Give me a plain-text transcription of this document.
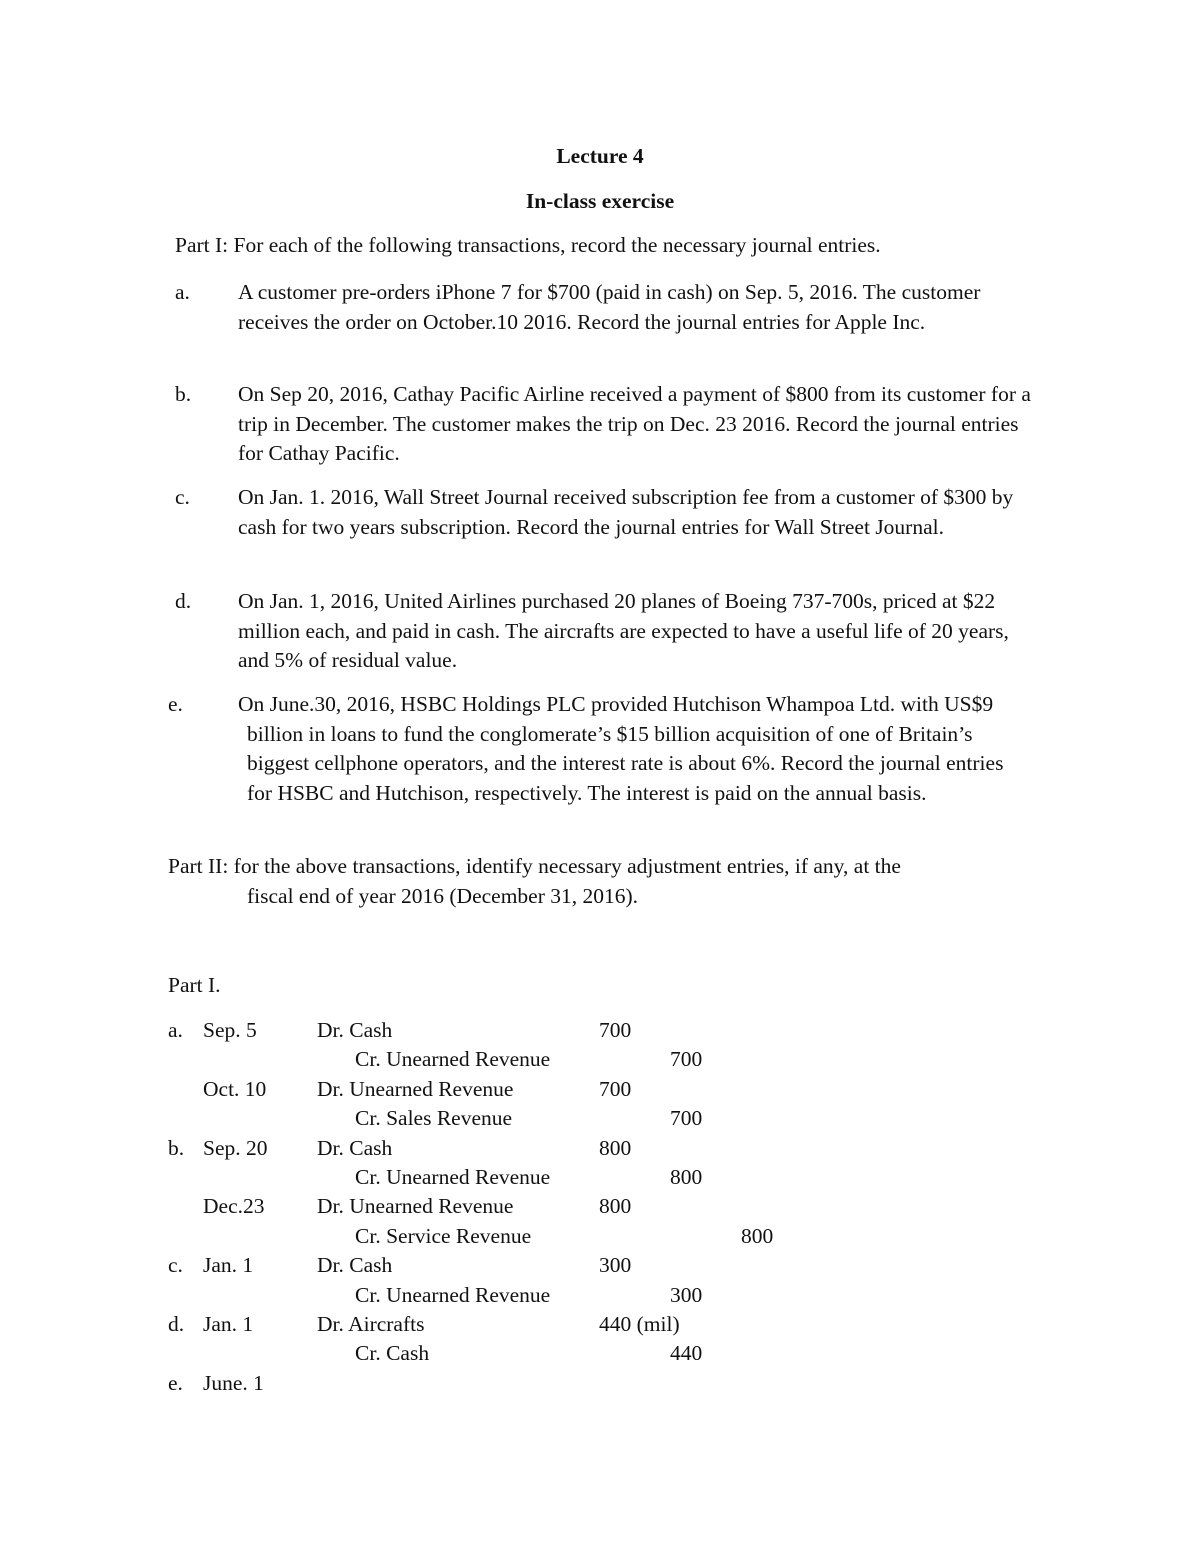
Lecture 4
In-class exercise
Part I: For each of the following transactions, record the necessary journal entries.
a. A customer pre-orders iPhone 7 for $700 (paid in cash) on Sep. 5, 2016. The customer receives the order on October.10 2016. Record the journal entries for Apple Inc.
b. On Sep 20, 2016, Cathay Pacific Airline received a payment of $800 from its customer for a trip in December. The customer makes the trip on Dec. 23 2016. Record the journal entries for Cathay Pacific.
c. On Jan. 1. 2016, Wall Street Journal received subscription fee from a customer of $300 by cash for two years subscription. Record the journal entries for Wall Street Journal.
d. On Jan. 1, 2016, United Airlines purchased 20 planes of Boeing 737-700s, priced at $22 million each, and paid in cash. The aircrafts are expected to have a useful life of 20 years, and 5% of residual value.
e.	On June.30, 2016, HSBC Holdings PLC provided Hutchison Whampoa Ltd. with US$9 billion in loans to fund the conglomerate’s $15 billion acquisition of one of Britain’s biggest cellphone operators, and the interest rate is about 6%. Record the journal entries for HSBC and Hutchison, respectively. The interest is paid on the annual basis.
Part II: for the above transactions, identify necessary adjustment entries, if any, at the
fiscal end of year 2016 (December 31, 2016).
Part I.
a. Sep. 5	Dr. Cash	700
Cr. Unearned Revenue	700
Oct. 10 Dr. Unearned Revenue	700
Cr. Sales Revenue	700
b. Sep. 20 Dr. Cash	800
Cr. Unearned Revenue	800
Dec.23 Dr. Unearned Revenue	800
Cr. Service Revenue	800
c. Jan. 1	Dr. Cash	300
Cr. Unearned Revenue	300
d. Jan. 1	Dr. Aircrafts	440 (mil)
Cr. Cash	440
e. June. 1
